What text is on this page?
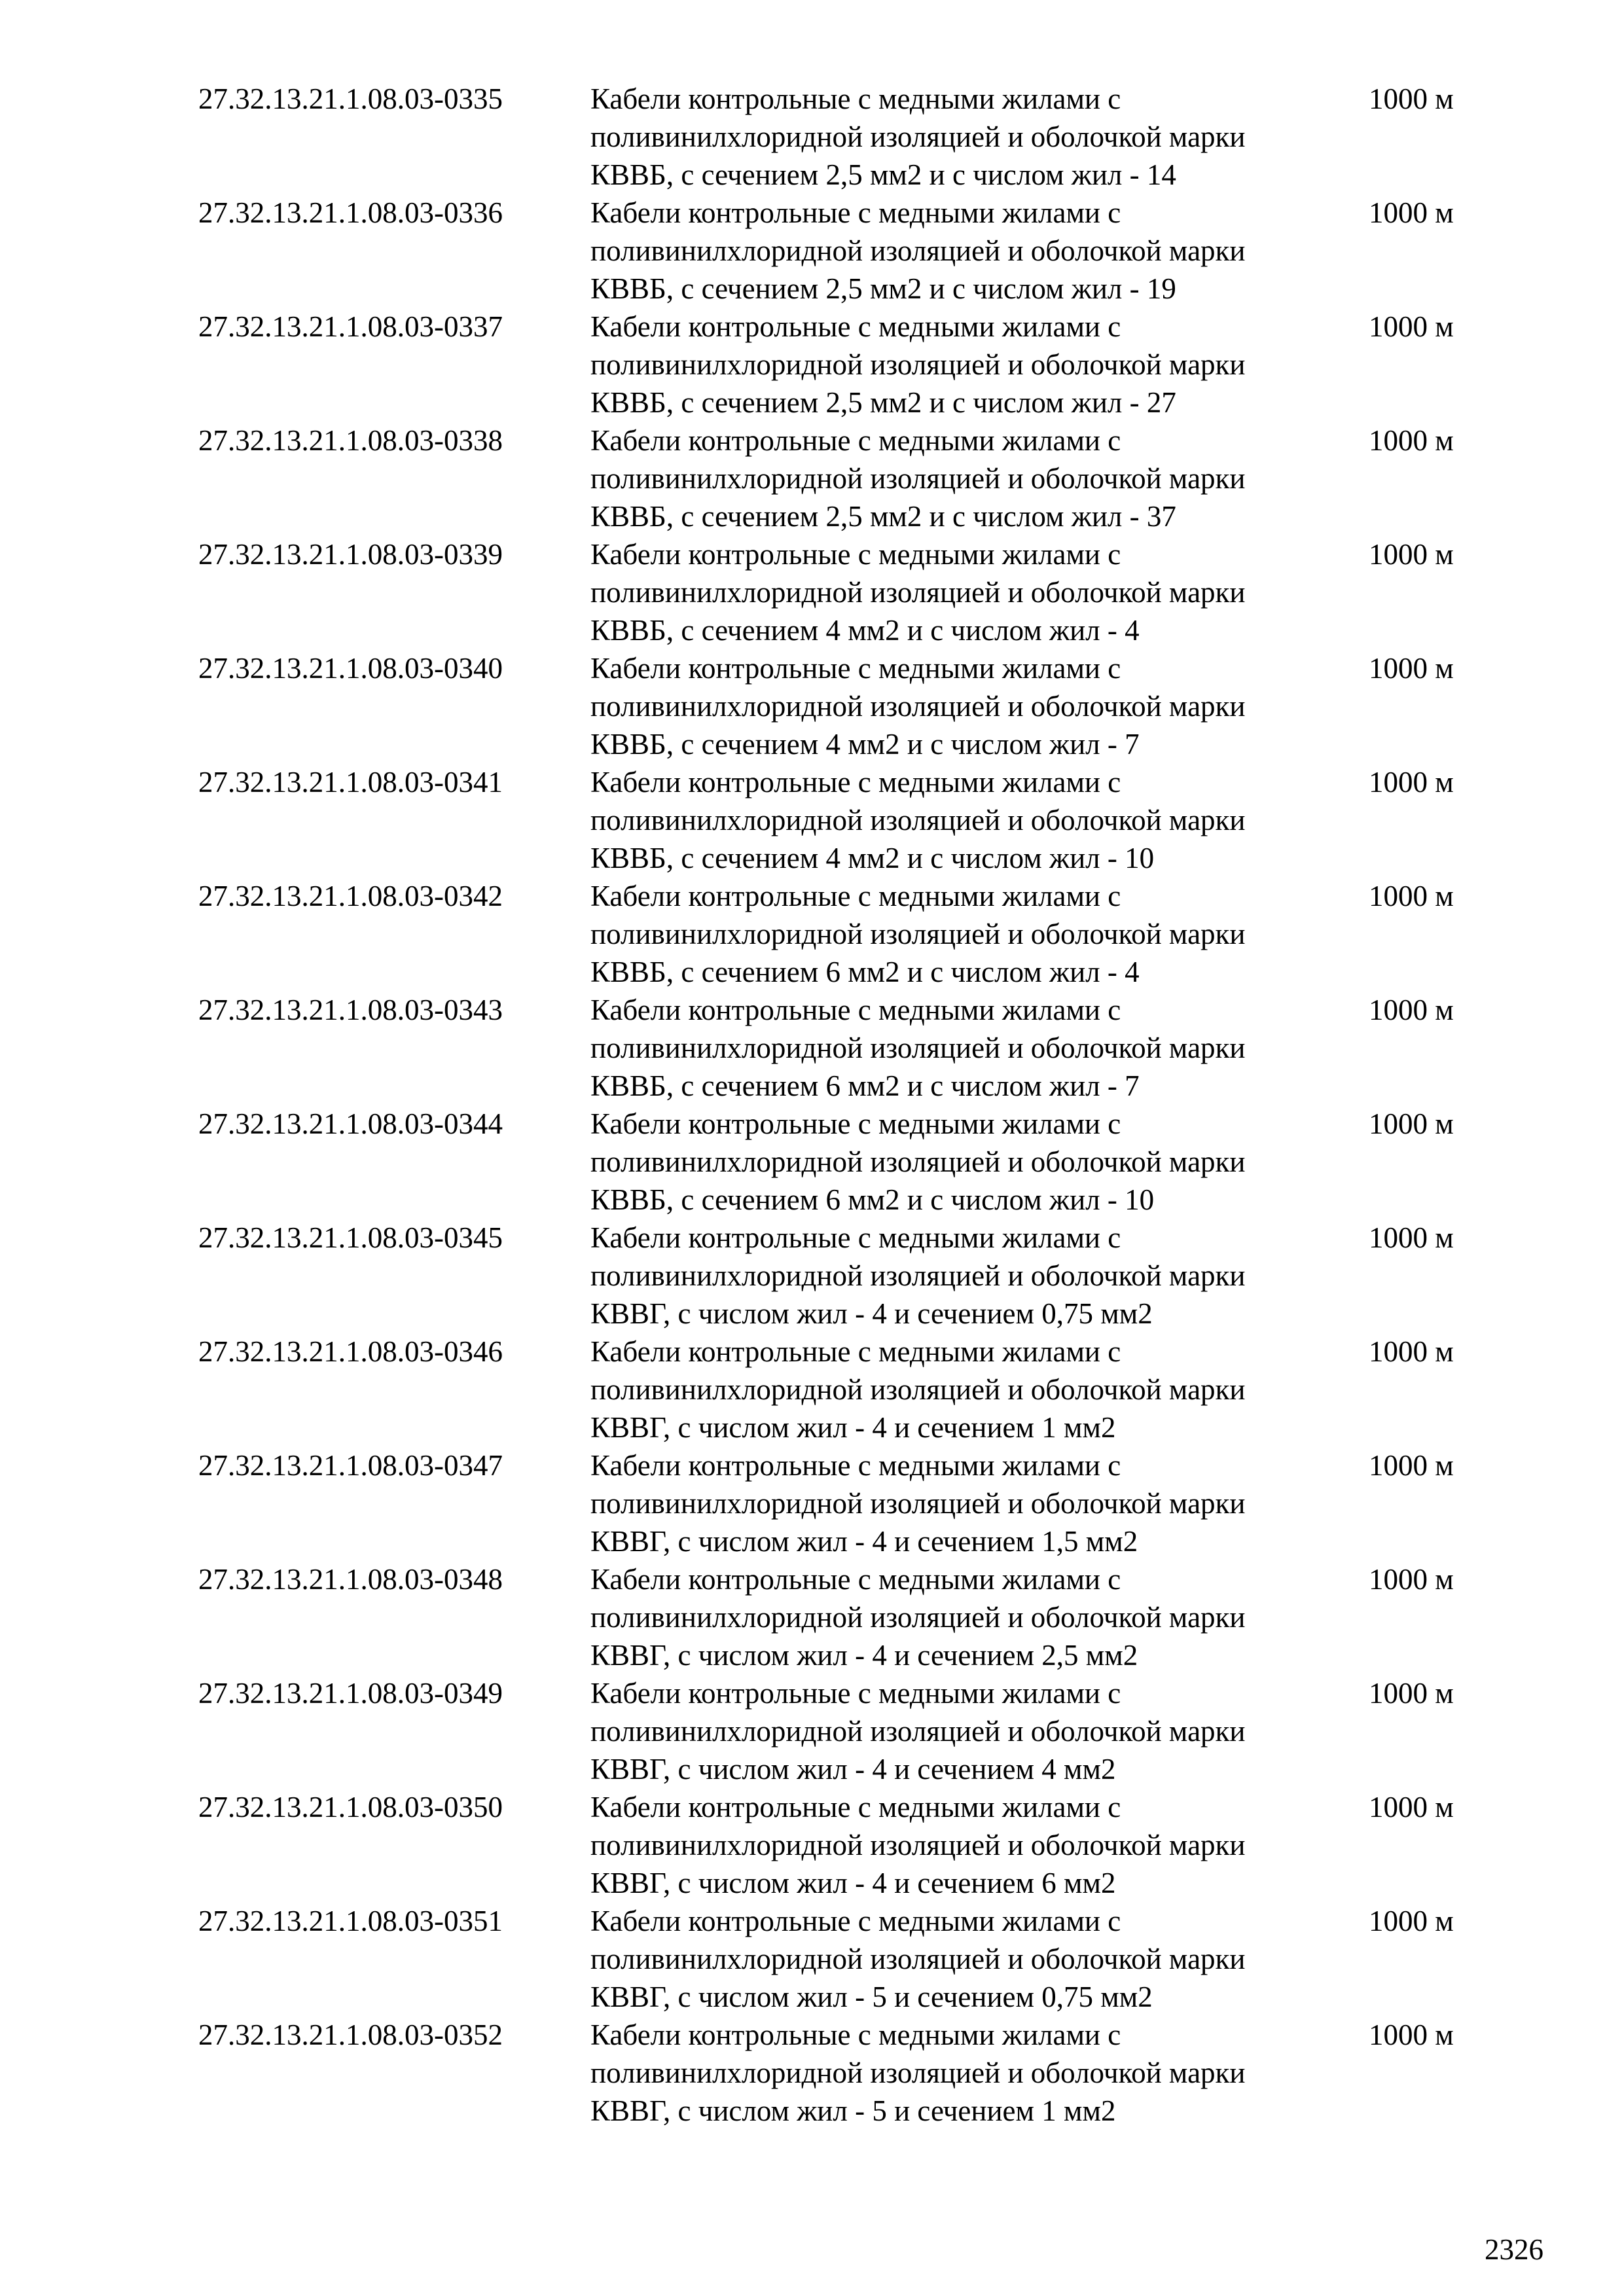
27.32.13.21.1.08.03-0335	Кабели контрольные с медными жилами с
поливинилхлоридной изоляцией и оболочкой марки
КВВБ, с сечением 2,5 мм2 и с числом жил - 14
1000 м
27.32.13.21.1.08.03-0336	Кабели контрольные с медными жилами с
поливинилхлоридной изоляцией и оболочкой марки
КВВБ, с сечением 2,5 мм2 и с числом жил - 19
1000 м
27.32.13.21.1.08.03-0337	Кабели контрольные с медными жилами с
поливинилхлоридной изоляцией и оболочкой марки
КВВБ, с сечением 2,5 мм2 и с числом жил - 27
1000 м
27.32.13.21.1.08.03-0338	Кабели контрольные с медными жилами с
поливинилхлоридной изоляцией и оболочкой марки
КВВБ, с сечением 2,5 мм2 и с числом жил - 37
1000 м
27.32.13.21.1.08.03-0339	Кабели контрольные с медными жилами с
поливинилхлоридной изоляцией и оболочкой марки
КВВБ, с сечением 4 мм2 и с числом жил - 4
1000 м
27.32.13.21.1.08.03-0340	Кабели контрольные с медными жилами с
поливинилхлоридной изоляцией и оболочкой марки
КВВБ, с сечением 4 мм2 и с числом жил - 7
1000 м
27.32.13.21.1.08.03-0341	Кабели контрольные с медными жилами с
поливинилхлоридной изоляцией и оболочкой марки
КВВБ, с сечением 4 мм2 и с числом жил - 10
1000 м
27.32.13.21.1.08.03-0342	Кабели контрольные с медными жилами с
поливинилхлоридной изоляцией и оболочкой марки
КВВБ, с сечением 6 мм2 и с числом жил - 4
1000 м
27.32.13.21.1.08.03-0343	Кабели контрольные с медными жилами с
поливинилхлоридной изоляцией и оболочкой марки
КВВБ, с сечением 6 мм2 и с числом жил - 7
1000 м
27.32.13.21.1.08.03-0344	Кабели контрольные с медными жилами с
поливинилхлоридной изоляцией и оболочкой марки
КВВБ, с сечением 6 мм2 и с числом жил - 10
1000 м
27.32.13.21.1.08.03-0345	Кабели контрольные с медными жилами с
поливинилхлоридной изоляцией и оболочкой марки
КВВГ, с числом жил - 4 и сечением 0,75 мм2
1000 м
27.32.13.21.1.08.03-0346	Кабели контрольные с медными жилами с
поливинилхлоридной изоляцией и оболочкой марки
КВВГ, с числом жил - 4 и сечением 1 мм2
1000 м
27.32.13.21.1.08.03-0347	Кабели контрольные с медными жилами с
поливинилхлоридной изоляцией и оболочкой марки
КВВГ, с числом жил - 4 и сечением 1,5 мм2
1000 м
27.32.13.21.1.08.03-0348	Кабели контрольные с медными жилами с
поливинилхлоридной изоляцией и оболочкой марки
КВВГ, с числом жил - 4 и сечением 2,5 мм2
1000 м
27.32.13.21.1.08.03-0349	Кабели контрольные с медными жилами с
поливинилхлоридной изоляцией и оболочкой марки
КВВГ, с числом жил - 4 и сечением 4 мм2
1000 м
27.32.13.21.1.08.03-0350	Кабели контрольные с медными жилами с
поливинилхлоридной изоляцией и оболочкой марки
КВВГ, с числом жил - 4 и сечением 6 мм2
1000 м
27.32.13.21.1.08.03-0351	Кабели контрольные с медными жилами с
поливинилхлоридной изоляцией и оболочкой марки
КВВГ, с числом жил - 5 и сечением 0,75 мм2
1000 м
27.32.13.21.1.08.03-0352	Кабели контрольные с медными жилами с
поливинилхлоридной изоляцией и оболочкой марки
КВВГ, с числом жил - 5 и сечением 1 мм2
1000 м
2326
